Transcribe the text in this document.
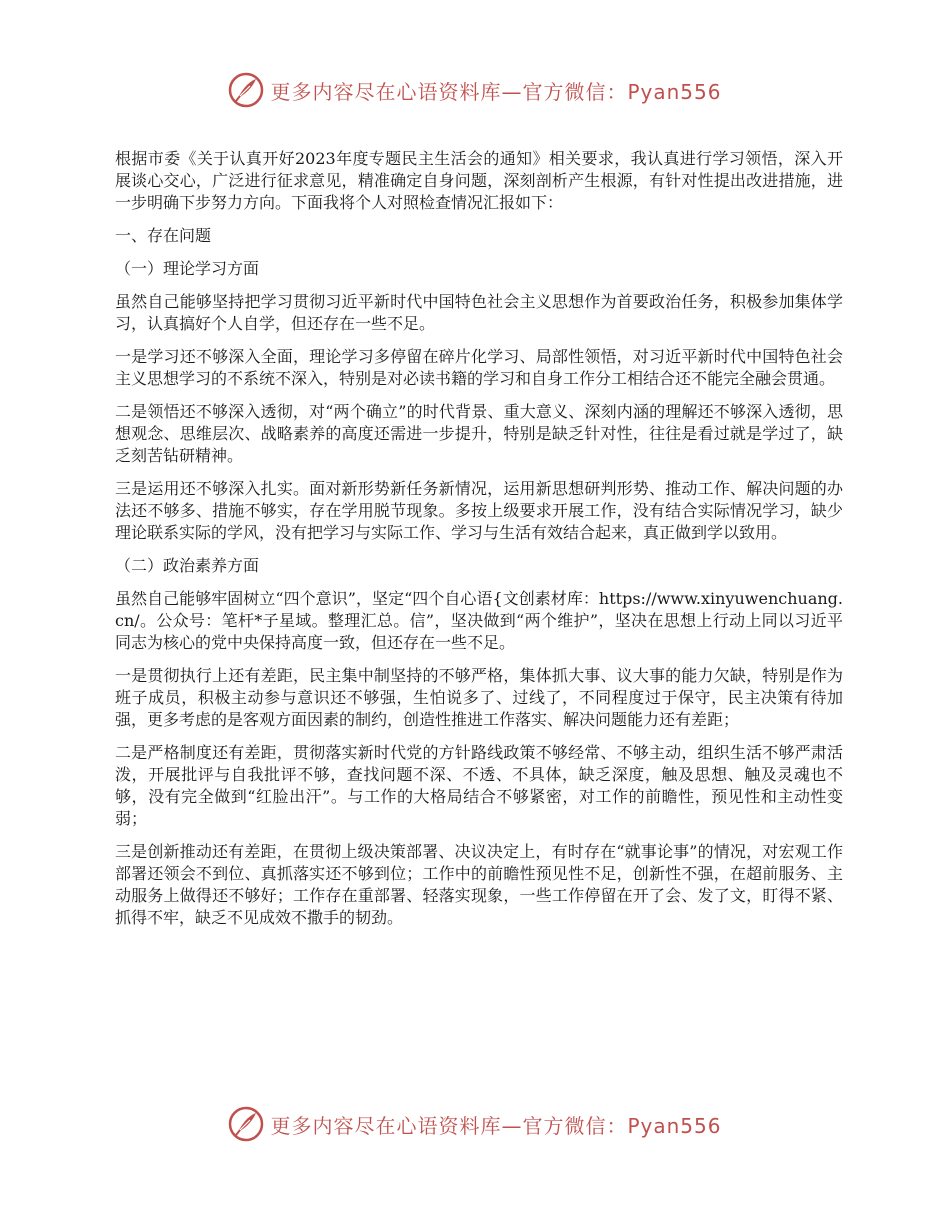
更多内容尽在心语资料库—官方微信：Pyan556

根据市委《关于认真开好2023年度专题民主生活会的通知》相关要求，我认真进行学习领悟，深入开展谈心交心，广泛进行征求意见，精准确定自身问题，深刻剖析产生根源，有针对性提出改进措施，进一步明确下步努力方向。下面我将个人对照检查情况汇报如下：

一、存在问题

（一）理论学习方面

虽然自己能够坚持把学习贯彻习近平新时代中国特色社会主义思想作为首要政治任务，积极参加集体学习，认真搞好个人自学，但还存在一些不足。

一是学习还不够深入全面，理论学习多停留在碎片化学习、局部性领悟，对习近平新时代中国特色社会主义思想学习的不系统不深入，特别是对必读书籍的学习和自身工作分工相结合还不能完全融会贯通。

二是领悟还不够深入透彻，对“两个确立”的时代背景、重大意义、深刻内涵的理解还不够深入透彻，思想观念、思维层次、战略素养的高度还需进一步提升，特别是缺乏针对性，往往是看过就是学过了，缺乏刻苦钻研精神。

三是运用还不够深入扎实。面对新形势新任务新情况，运用新思想研判形势、推动工作、解决问题的办法还不够多、措施不够实，存在学用脱节现象。多按上级要求开展工作，没有结合实际情况学习，缺少理论联系实际的学风，没有把学习与实际工作、学习与生活有效结合起来，真正做到学以致用。

（二）政治素养方面

虽然自己能够牢固树立“四个意识”，坚定“四个自心语{文创素材库：https://www.xinyuwenchuang.cn/。公众号：笔杆*子星域。整理汇总。信”，坚决做到“两个维护”，坚决在思想上行动上同以习近平同志为核心的党中央保持高度一致，但还存在一些不足。

一是贯彻执行上还有差距，民主集中制坚持的不够严格，集体抓大事、议大事的能力欠缺，特别是作为班子成员，积极主动参与意识还不够强，生怕说多了、过线了，不同程度过于保守，民主决策有待加强，更多考虑的是客观方面因素的制约，创造性推进工作落实、解决问题能力还有差距；

二是严格制度还有差距，贯彻落实新时代党的方针路线政策不够经常、不够主动，组织生活不够严肃活泼，开展批评与自我批评不够，查找问题不深、不透、不具体，缺乏深度，触及思想、触及灵魂也不够，没有完全做到“红脸出汗”。与工作的大格局结合不够紧密，对工作的前瞻性，预见性和主动性变弱；

三是创新推动还有差距，在贯彻上级决策部署、决议决定上，有时存在“就事论事”的情况，对宏观工作部署还领会不到位、真抓落实还不够到位；工作中的前瞻性预见性不足，创新性不强，在超前服务、主动服务上做得还不够好；工作存在重部署、轻落实现象，一些工作停留在开了会、发了文，盯得不紧、抓得不牢，缺乏不见成效不撒手的韧劲。

更多内容尽在心语资料库—官方微信：Pyan556
